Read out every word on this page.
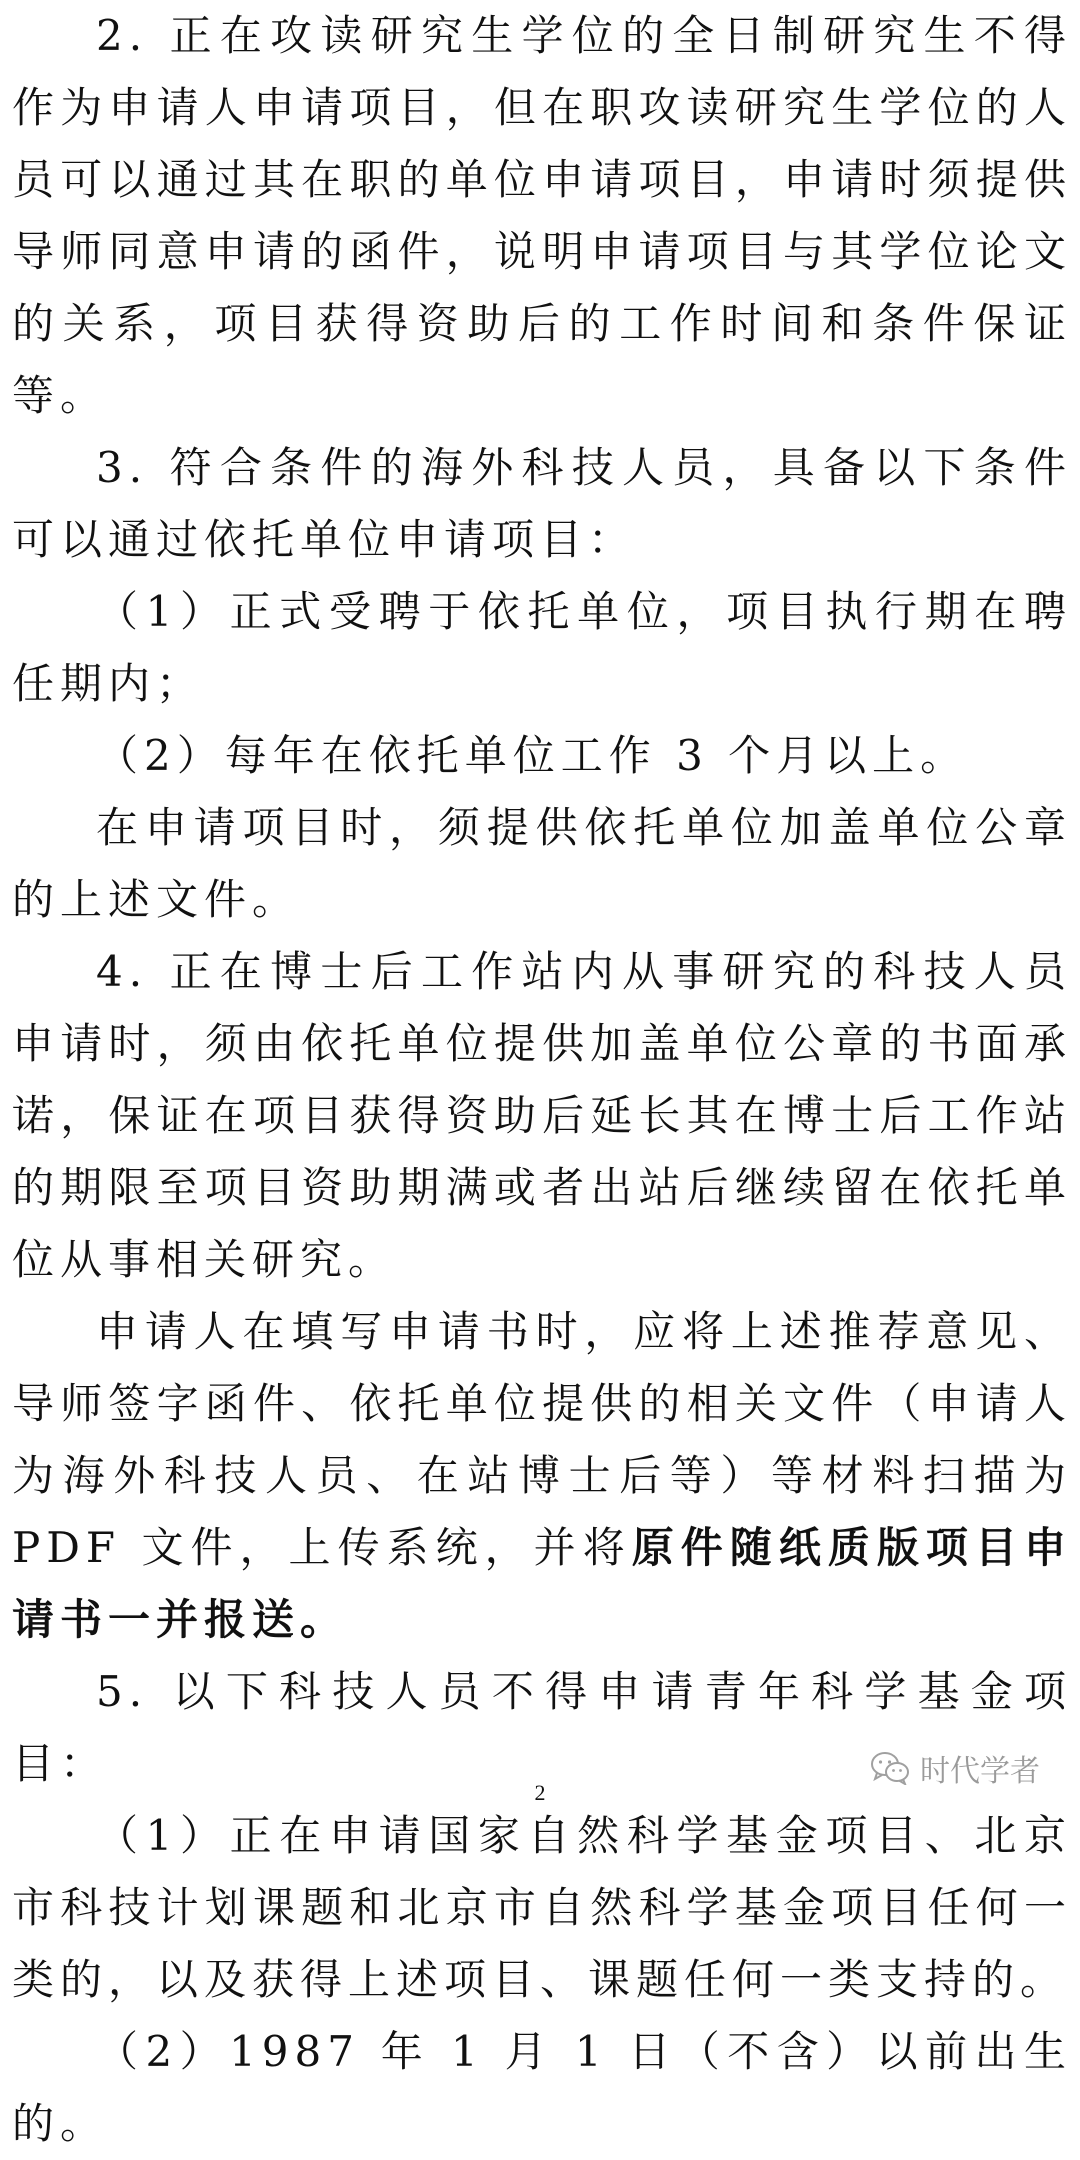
2. 正在攻读研究生学位的全日制研究生不得作为申请人申请项目，但在职攻读研究生学位的人员可以通过其在职的单位申请项目，申请时须提供导师同意申请的函件，说明申请项目与其学位论文的关系，项目获得资助后的工作时间和条件保证等。

3. 符合条件的海外科技人员，具备以下条件可以通过依托单位申请项目：

（1）正式受聘于依托单位，项目执行期在聘任期内；

（2）每年在依托单位工作 3 个月以上。

在申请项目时，须提供依托单位加盖单位公章的上述文件。

4. 正在博士后工作站内从事研究的科技人员申请时，须由依托单位提供加盖单位公章的书面承诺，保证在项目获得资助后延长其在博士后工作站的期限至项目资助期满或者出站后继续留在依托单位从事相关研究。

申请人在填写申请书时，应将上述推荐意见、导师签字函件、依托单位提供的相关文件（申请人为海外科技人员、在站博士后等）等材料扫描为 PDF 文件，上传系统，并将原件随纸质版项目申请书一并报送。

5. 以下科技人员不得申请青年科学基金项目：

（1）正在申请国家自然科学基金项目、北京市科技计划课题和北京市自然科学基金项目任何一类的，以及获得上述项目、课题任何一类支持的。

（2）1987 年 1 月 1 日（不含）以前出生的。

时代学者
2
